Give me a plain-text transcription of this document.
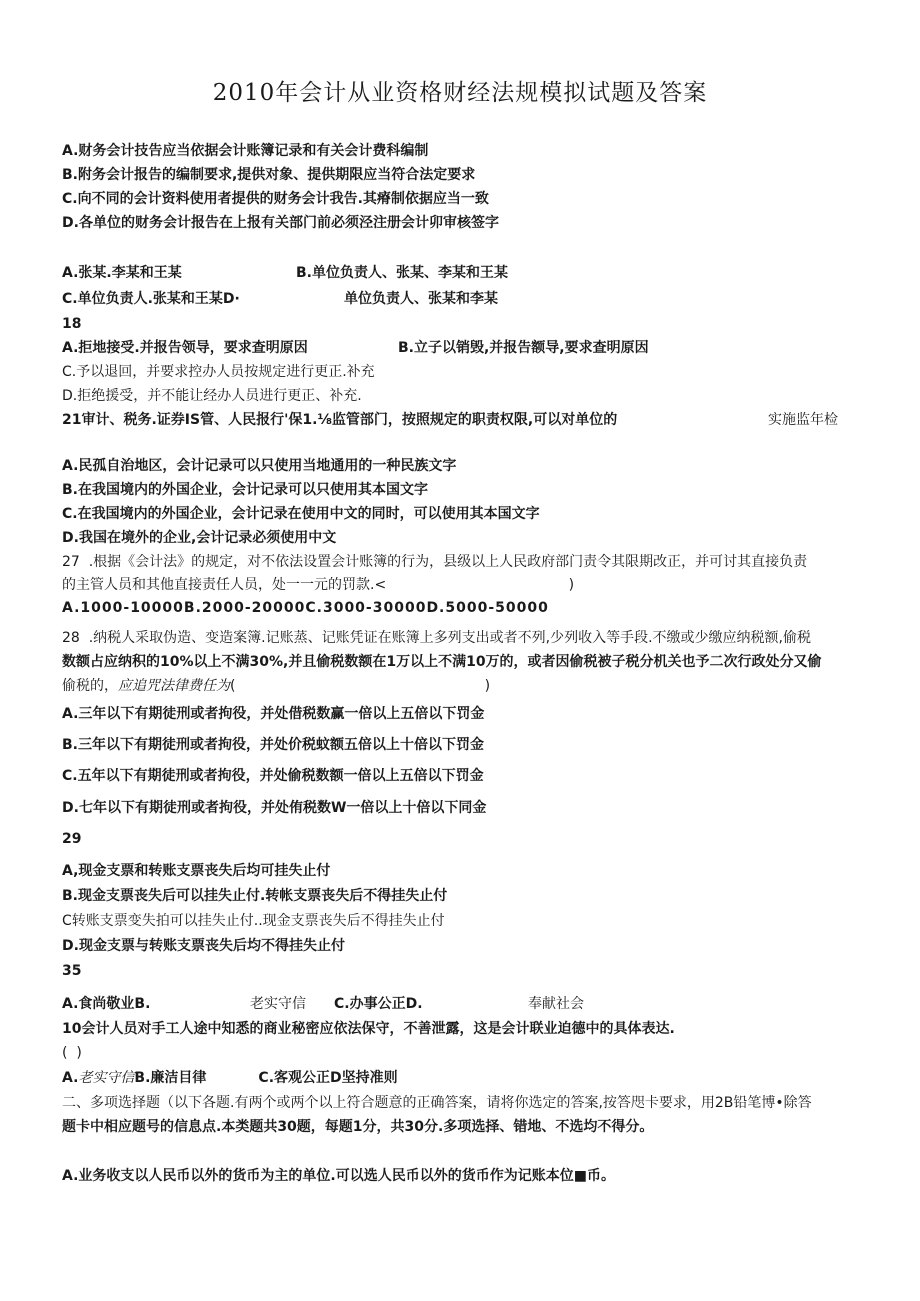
2010年会计从业资格财经法规模拟试题及答案
A.财务会计技告应当依据会计账簿记录和有关会计费科编制
B.附务会计报告的编制要求,提供对象、提供期限应当符合法定要求
C.向不同的会计资料使用者提供的财务会计我告.其瘠制依据应当一致
D.各单位的财务会计报告在上报有关部门前必须泾注册会计卯审核签字
A.张某.李某和王某	B.单位负责人、张某、李某和王某
C.单位负责人.张某和王某D·	单位负责人、张某和李某
18
A.拒地接受.并报告领导，要求查明原因	B.立子以销毁,并报告额导,要求查明原因
C.予以退回，并要求控办人员按规定进行更正.补充
D.拒绝援受，并不能让经办人员进行更正、补充.
21审计、税务.证券IS管、人民报行'保1.⅛监管部门，按照规定的职责权限,可以对单位的	实施监年检
A.民孤自治地区，会计记录可以只使用当地通用的一种民族文字
B.在我国境内的外国企业，会计记录可以只使用其本国文字
C.在我国境内的外国企业，会计记录在使用中文的同时，可以使用其本国文字
D.我国在境外的企业,会计记录必须使用中文
27  .根据《会计法》的规定，对不依法设置会计账簿的行为，县级以上人民政府部门责令其限期改正，并可讨其直接负责
的主管人员和其他直接责任人员，处一一元的罚款.<                                         )
A.1000-10000B.2000-20000C.3000-30000D.5000-50000
28  .纳税人采取伪造、变造案簿.记账蒸、记账凭证在账簿上多列支出或者不列,少列收入等手段.不缴或少缴应纳税额,偷税
数额占应纳积的10%以上不满30%,并且偷税数额在1万以上不满10万的，或者因偷税被子税分机关也予二次行政处分又偷
偷税的，应追咒法律费任为(                                                        )
A.三年以下有期徒刑或者拘役，并处借税数赢一倍以上五倍以下罚金
B.三年以下有期徒刑或者拘役，并处价税蚊额五倍以上十倍以下罚金
C.五年以下有期徒刑或者拘役，并处偷税数额一倍以上五倍以下罚金
D.七年以下有期徒刑或者拘役，并处侑税数W一倍以上十倍以下同金
29
A,现金支票和转账支票丧失后均可挂失止付
B.现金支票丧失后可以挂失止付.转帐支票丧失后不得挂失止付
C转账支票变失拍可以挂失止付..现金支票丧失后不得挂失止付
D.现金支票与转账支票丧失后均不得挂失止付
35
A.食尚敬业B.	老实守信 C.办事公正D.	奉献社会
10会计人员对手工人途中知悉的商业秘密应依法保守，不善泄露，这是会计联业迫德中的具体表达.
(  )
A.老实守信B.廉洁目律	C.客观公正D坚持准则
二、多项选择题（以下各题.有两个或两个以上符合题意的正确答案，请将你选定的答案,按答咫卡要求，用2B铅笔博•除答
题卡中相应题号的信息点.本类题共30题，每题1分，共30分.多项选择、错地、不选均不得分。
A.业务收支以人民币以外的货币为主的单位.可以选人民币以外的货币作为记账本位■币。
